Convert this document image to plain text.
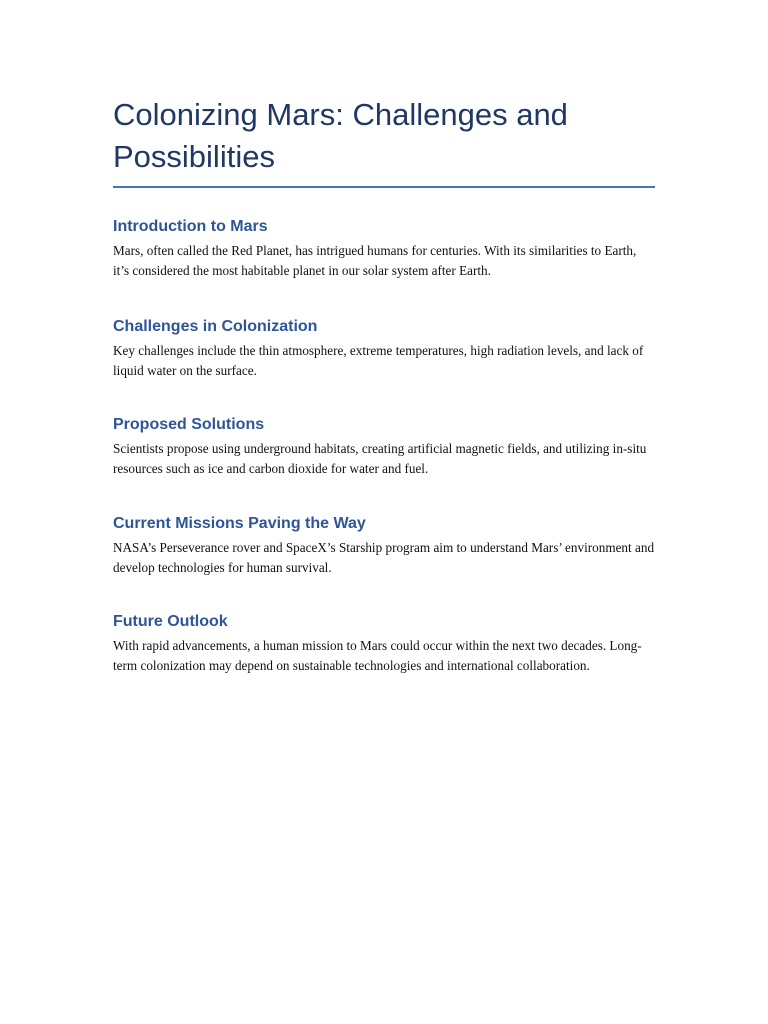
Colonizing Mars: Challenges and Possibilities
Introduction to Mars

Mars, often called the Red Planet, has intrigued humans for centuries. With its similarities to Earth, it’s considered the most habitable planet in our solar system after Earth.

Challenges in Colonization

Key challenges include the thin atmosphere, extreme temperatures, high radiation levels, and lack of liquid water on the surface.

Proposed Solutions

Scientists propose using underground habitats, creating artificial magnetic fields, and utilizing in-situ resources such as ice and carbon dioxide for water and fuel.

Current Missions Paving the Way

NASA’s Perseverance rover and SpaceX’s Starship program aim to understand Mars’ environment and develop technologies for human survival.

Future Outlook

With rapid advancements, a human mission to Mars could occur within the next two decades. Long-term colonization may depend on sustainable technologies and international collaboration.
